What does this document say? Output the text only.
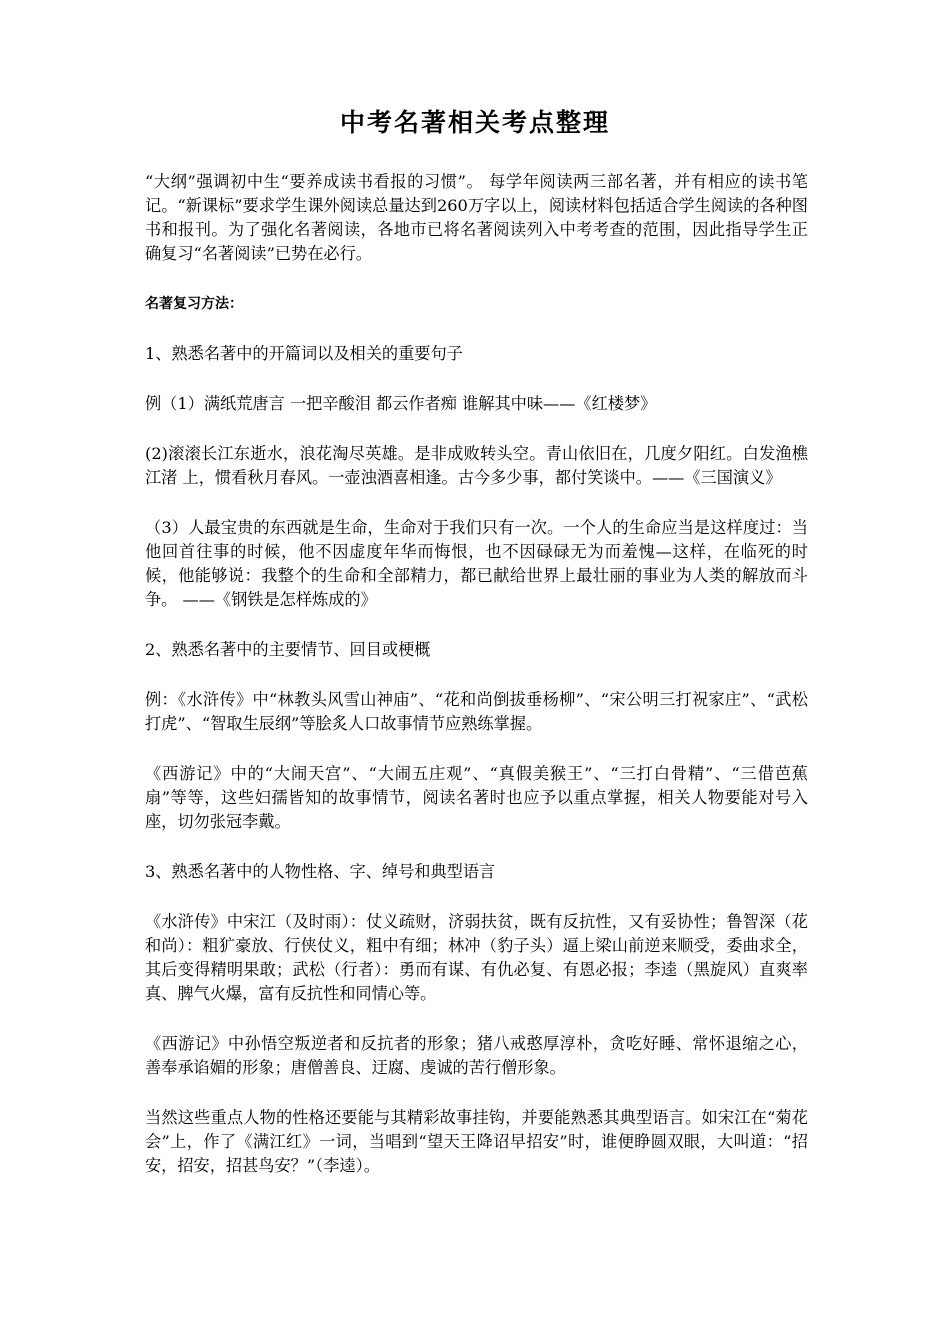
中考名著相关考点整理

“大纲”强调初中生“要养成读书看报的习惯”。 每学年阅读两三部名著，并有相应的读书笔记。“新课标”要求学生课外阅读总量达到260万字以上，阅读材料包括适合学生阅读的各种图书和报刊。为了强化名著阅读，各地市已将名著阅读列入中考考查的范围，因此指导学生正确复习“名著阅读”已势在必行。

名著复习方法：

1、熟悉名著中的开篇词以及相关的重要句子

例（1）满纸荒唐言 一把辛酸泪 都云作者痴 谁解其中味——《红楼梦》

(2)滚滚长江东逝水，浪花淘尽英雄。是非成败转头空。青山依旧在，几度夕阳红。白发渔樵江渚 上，惯看秋月春风。一壶浊酒喜相逢。古今多少事，都付笑谈中。——《三国演义》

（3）人最宝贵的东西就是生命，生命对于我们只有一次。一个人的生命应当是这样度过：当他回首往事的时候，他不因虚度年华而悔恨，也不因碌碌无为而羞愧—这样，在临死的时候，他能够说：我整个的生命和全部精力，都已献给世界上最壮丽的事业为人类的解放而斗争。 ——《钢铁是怎样炼成的》

2、熟悉名著中的主要情节、回目或梗概

例：《水浒传》中“林教头风雪山神庙”、“花和尚倒拔垂杨柳”、“宋公明三打祝家庄”、“武松打虎”、“智取生辰纲”等脍炙人口故事情节应熟练掌握。

《西游记》中的“大闹天宫”、“大闹五庄观”、“真假美猴王”、“三打白骨精”、“三借芭蕉扇”等等，这些妇孺皆知的故事情节，阅读名著时也应予以重点掌握，相关人物要能对号入座，切勿张冠李戴。

3、熟悉名著中的人物性格、字、绰号和典型语言

《水浒传》中宋江（及时雨）：仗义疏财，济弱扶贫，既有反抗性，又有妥协性；鲁智深（花和尚）：粗犷豪放、行侠仗义，粗中有细；林冲（豹子头）逼上梁山前逆来顺受，委曲求全，其后变得精明果敢；武松（行者）：勇而有谋、有仇必复、有恩必报；李逵（黑旋风）直爽率真、脾气火爆，富有反抗性和同情心等。

《西游记》中孙悟空叛逆者和反抗者的形象；猪八戒憨厚淳朴，贪吃好睡、常怀退缩之心，善奉承谄媚的形象；唐僧善良、迂腐、虔诚的苦行僧形象。

当然这些重点人物的性格还要能与其精彩故事挂钩，并要能熟悉其典型语言。如宋江在“菊花会”上，作了《满江红》一词，当唱到“望天王降诏早招安”时，谁便睁圆双眼，大叫道：“招安，招安，招甚鸟安？”（李逵）。
